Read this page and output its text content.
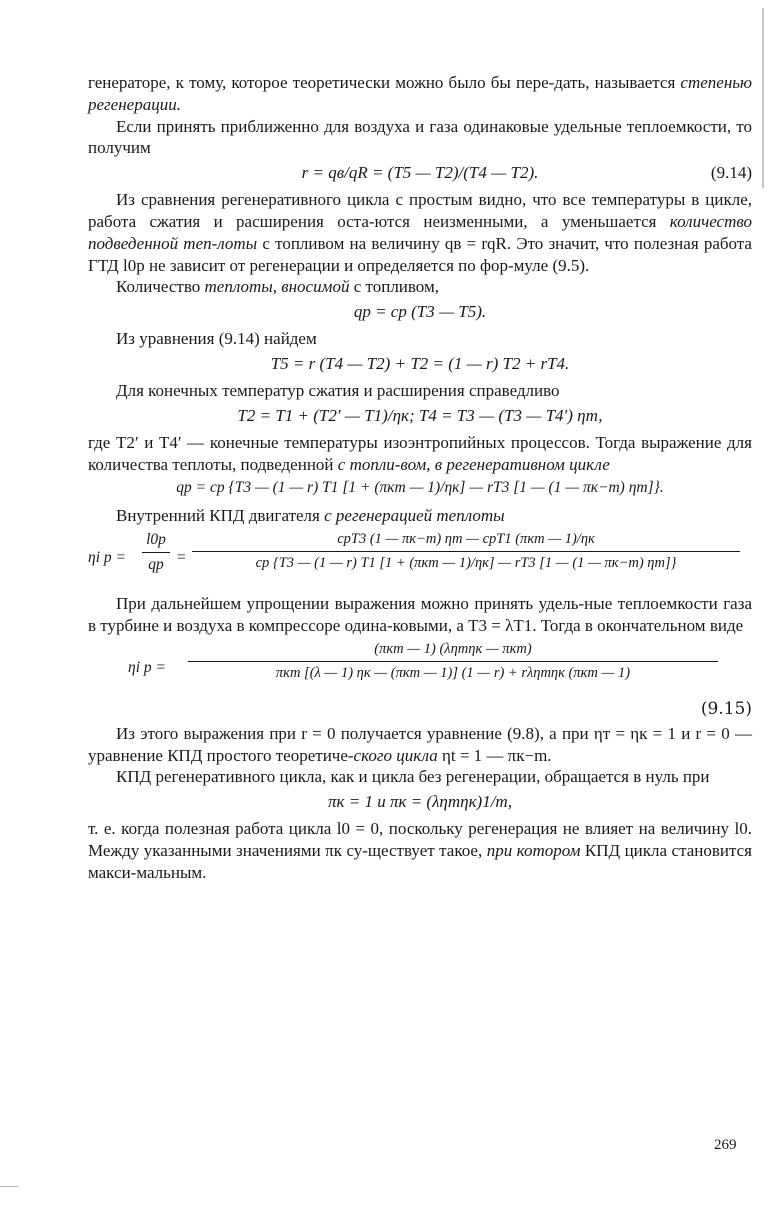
генераторе, к тому, которое теоретически можно было бы пере-дать, называется степенью регенерации.

Если принять приближенно для воздуха и газа одинаковые удельные теплоемкости, то получим

r = qв/qR = (T5 — T2)/(T4 — T2).	(9.14)

Из сравнения регенеративного цикла с простым видно, что все температуры в цикле, работа сжатия и расширения оста-ются неизменными, а уменьшается количество подведенной теп-лоты с топливом на величину qв = rqR. Это значит, что полезная работа ГТД l0р не зависит от регенерации и определяется по фор-муле (9.5).

Количество теплоты, вносимой с топливом,

qр = cp (T3 — T5).

Из уравнения (9.14) найдем

T5 = r (T4 — T2) + T2 = (1 — r) T2 + rT4.

Для конечных температур сжатия и расширения справедливо

T2 = T1 + (T2′ — T1)/ηк; T4 = T3 — (T3 — T4′) ηт,

где T2′ и T4′ — конечные температуры изоэнтропийных процессов. Тогда выражение для количества теплоты, подведенной с топли-вом, в регенеративном цикле

qр = cp {T3 — (1 — r) T1 [1 + (πкm — 1)/ηк] — rT3 [1 — (1 — πк−m) ηт]}.

Внутренний КПД двигателя с регенерацией теплоты

ηi р =
l0р
qр =
cpT3 (1 — πк−m) ηт — cpT1 (πкm — 1)/ηк
cp {T3 — (1 — r) T1 [1 + (πкm — 1)/ηк] — rT3 [1 — (1 — πк−m) ηт]}

При дальнейшем упрощении выражения можно принять удель-ные теплоемкости газа в турбине и воздуха в компрессоре одина-ковыми, а T3 = λT1. Тогда в окончательном виде

ηi р =
(πкm — 1) (ληтηк — πкm)
πкm [(λ — 1) ηк — (πкm — 1)] (1 — r) + rληтηк (πкm — 1)
(9.15)

Из этого выражения при r = 0 получается уравнение (9.8), а при ηт = ηк = 1 и r = 0 — уравнение КПД простого теоретиче-ского цикла ηt = 1 — πк−m.

КПД регенеративного цикла, как и цикла без регенерации, обращается в нуль при

πк = 1 и πк = (ληтηк)1/m,

т. е. когда полезная работа цикла l0 = 0, поскольку регенерация не влияет на величину l0. Между указанными значениями πк су-ществует такое, при котором КПД цикла становится макси-мальным.

269
